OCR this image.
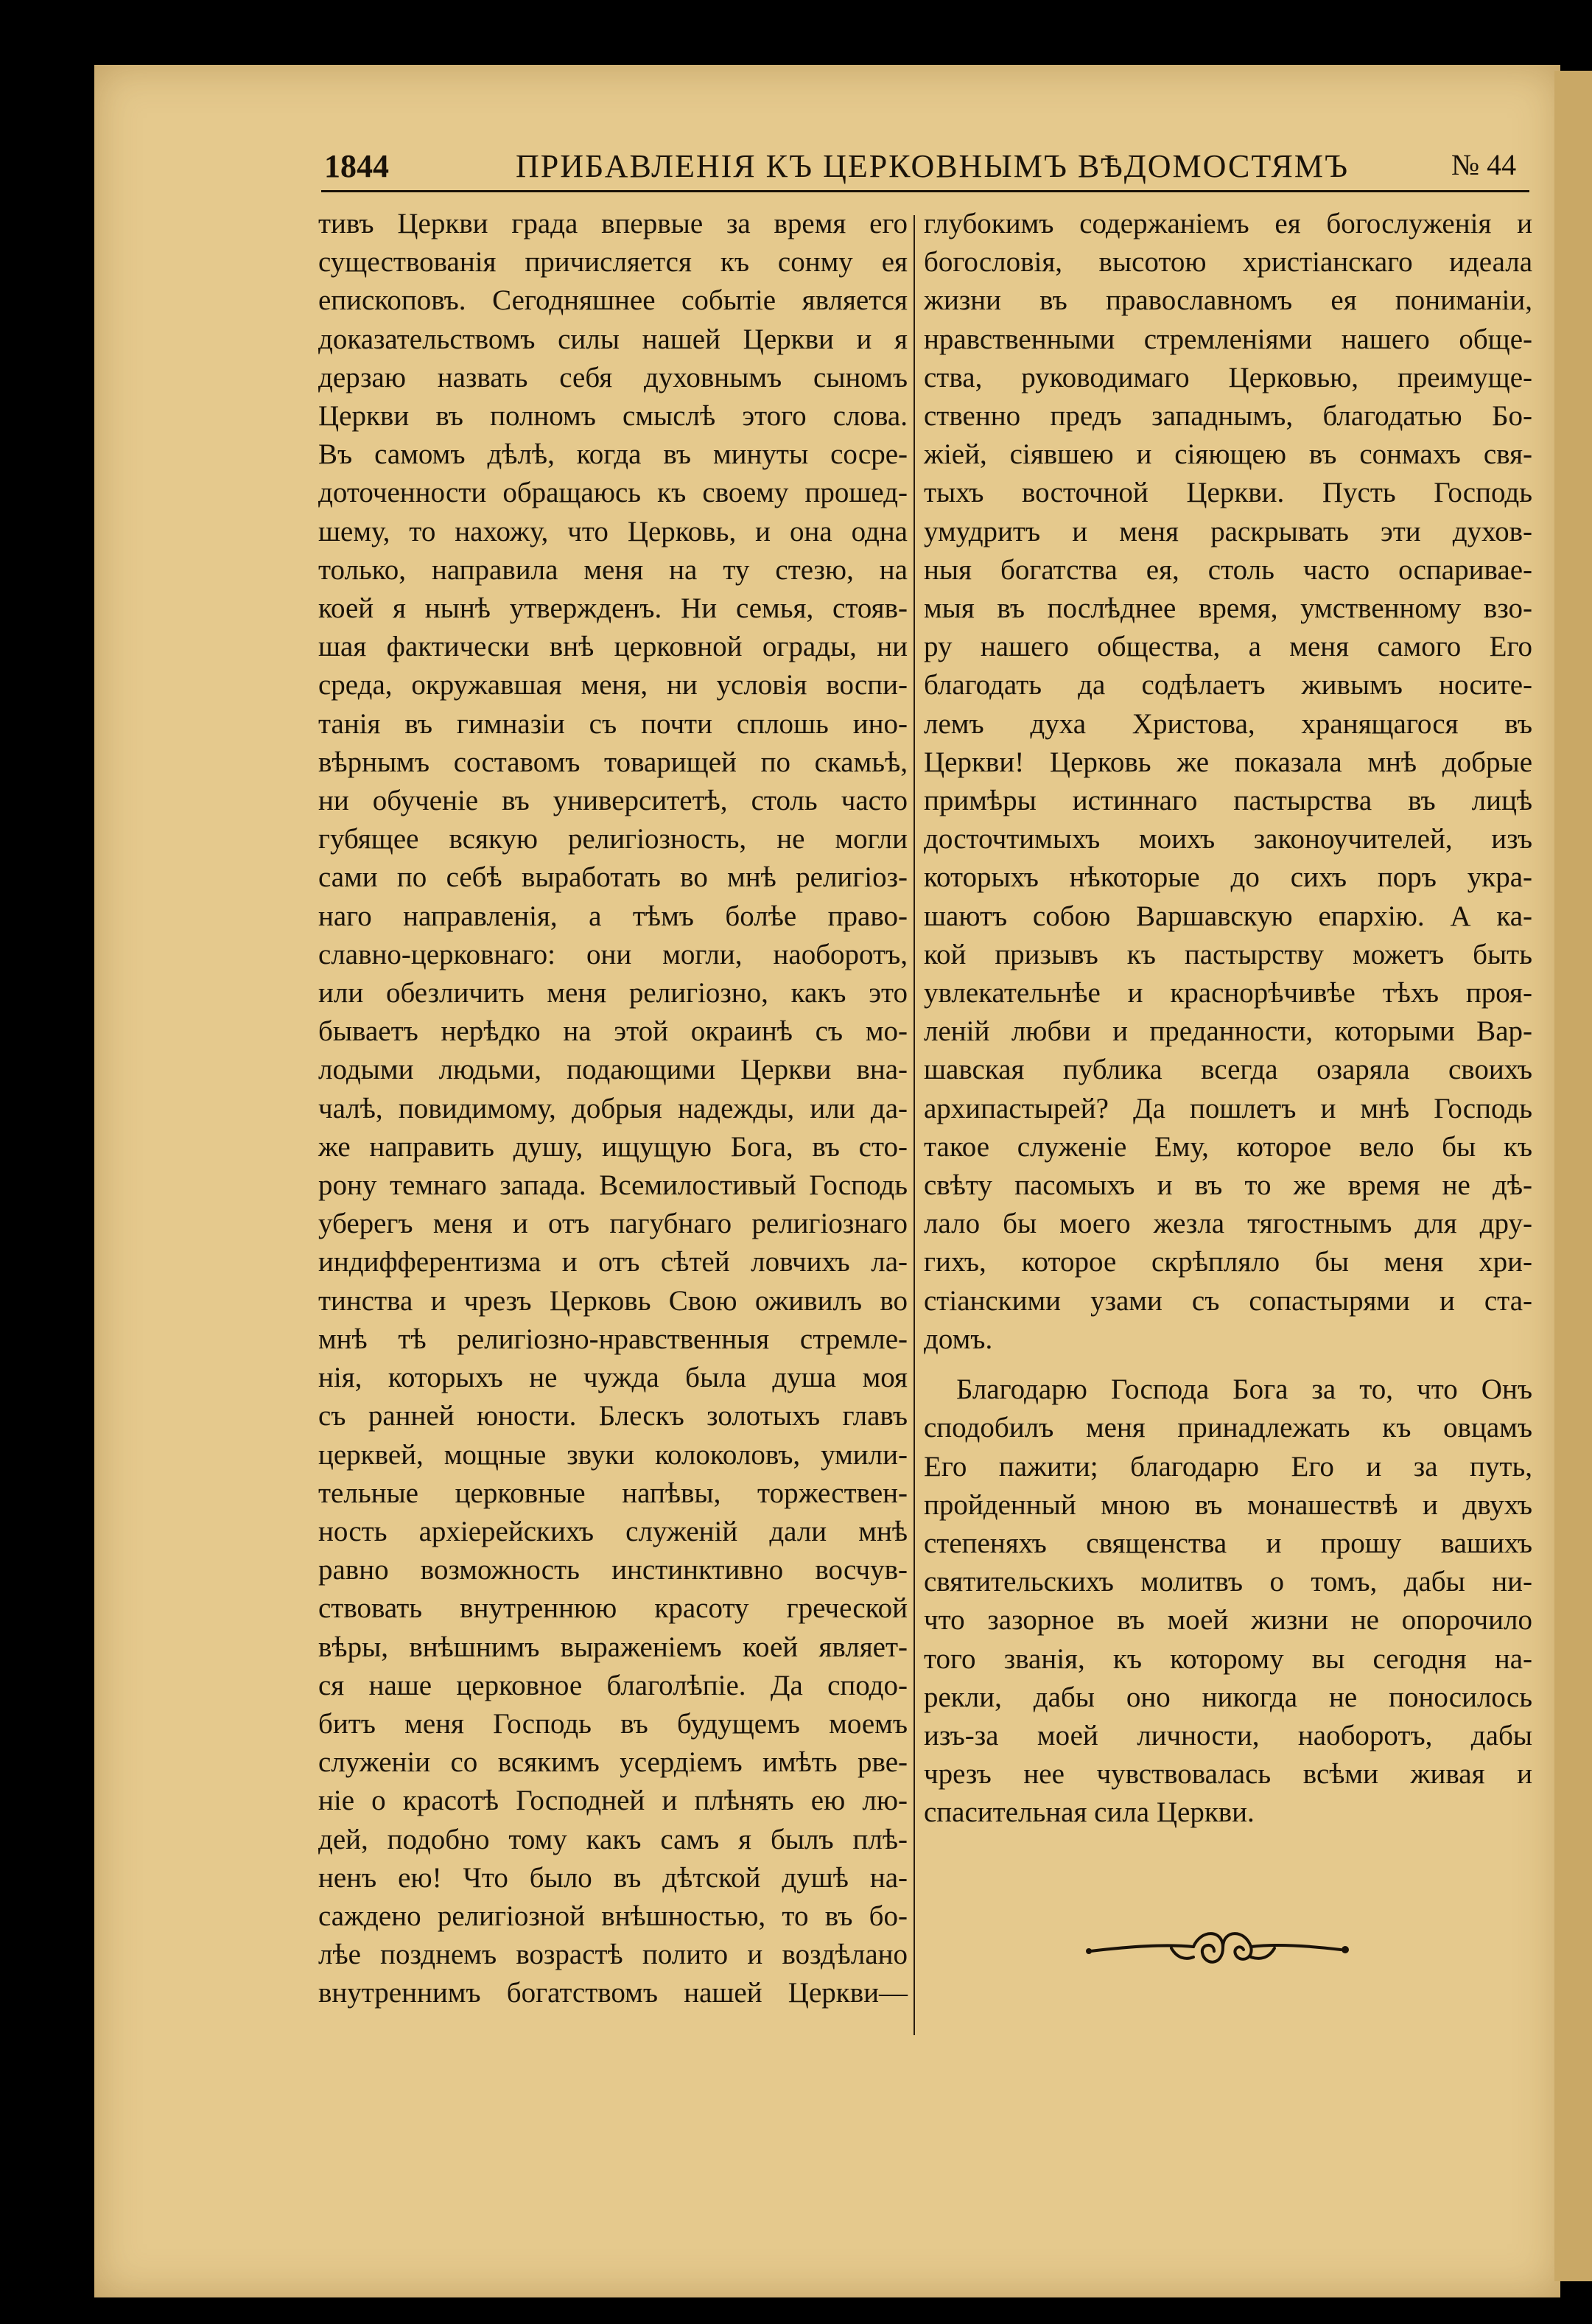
1844	ПРИБАВЛЕНІЯ КЪ ЦЕРКОВНЫМЪ ВѢДОМОСТЯМЪ	№ 44
тивъ Церкви града впервые за время его
существованія причисляется къ сонму ея
епископовъ. Сегодняшнее событіе является
доказательствомъ силы нашей Церкви и я
дерзаю назвать себя духовнымъ сыномъ
Церкви въ полномъ смыслѣ этого слова.
Въ самомъ дѣлѣ, когда въ минуты сосре-
доточенности обращаюсь къ своему прошед-
шему, то нахожу, что Церковь, и она одна
только, направила меня на ту стезю, на
коей я нынѣ утвержденъ. Ни семья, стояв-
шая фактически внѣ церковной ограды, ни
среда, окружавшая меня, ни условія воспи-
танія въ гимназіи съ почти сплошь ино-
вѣрнымъ составомъ товарищей по скамьѣ,
ни обученіе въ университетѣ, столь часто
губящее всякую религіозность, не могли
сами по себѣ выработать во мнѣ религіоз-
наго направленія, а тѣмъ болѣе право-
славно-церковнаго: они могли, наоборотъ,
или обезличить меня религіозно, какъ это
бываетъ нерѣдко на этой окраинѣ съ мо-
лодыми людьми, подающими Церкви вна-
чалѣ, повидимому, добрыя надежды, или да-
же направить душу, ищущую Бога, въ сто-
рону темнаго запада. Всемилостивый Господь
уберегъ меня и отъ пагубнаго религіознаго
индифферентизма и отъ сѣтей ловчихъ ла-
тинства и чрезъ Церковь Свою оживилъ во
мнѣ тѣ религіозно-нравственныя стремле-
нія, которыхъ не чужда была душа моя
съ ранней юности. Блескъ золотыхъ главъ
церквей, мощные звуки колоколовъ, умили-
тельные церковные напѣвы, торжествен-
ность архіерейскихъ служеній дали мнѣ
равно возможность инстинктивно восчув-
ствовать внутреннюю красоту греческой
вѣры, внѣшнимъ выраженіемъ коей являет-
ся наше церковное благолѣпіе. Да сподо-
битъ меня Господь въ будущемъ моемъ
служеніи со всякимъ усердіемъ имѣть рве-
ніе о красотѣ Господней и плѣнять ею лю-
дей, подобно тому какъ самъ я былъ плѣ-
ненъ ею! Что было въ дѣтской душѣ на-
саждено религіозной внѣшностью, то въ бо-
лѣе позднемъ возрастѣ полито и воздѣлано
внутреннимъ богатствомъ нашей Церкви—
глубокимъ содержаніемъ ея богослуженія и
богословія, высотою христіанскаго идеала
жизни въ православномъ ея пониманіи,
нравственными стремленіями нашего обще-
ства, руководимаго Церковью, преимуще-
ственно предъ западнымъ, благодатью Бо-
жіей, сіявшею и сіяющею въ сонмахъ свя-
тыхъ восточной Церкви. Пусть Господь
умудритъ и меня раскрывать эти духов-
ныя богатства ея, столь часто оспаривае-
мыя въ послѣднее время, умственному взо-
ру нашего общества, а меня самого Его
благодать да содѣлаетъ живымъ носите-
лемъ духа Христова, хранящагося въ
Церкви! Церковь же показала мнѣ добрые
примѣры истиннаго пастырства въ лицѣ
досточтимыхъ моихъ законоучителей, изъ
которыхъ нѣкоторые до сихъ поръ укра-
шаютъ собою Варшавскую епархію. А ка-
кой призывъ къ пастырству можетъ быть
увлекательнѣе и краснорѣчивѣе тѣхъ проя-
леній любви и преданности, которыми Вар-
шавская публика всегда озаряла своихъ
архипастырей? Да пошлетъ и мнѣ Господь
такое служеніе Ему, которое вело бы къ
свѣту пасомыхъ и въ то же время не дѣ-
лало бы моего жезла тягостнымъ для дру-
гихъ, которое скрѣпляло бы меня хри-
стіанскими узами съ сопастырями и ста-
домъ.
Благодарю Господа Бога за то, что Онъ
сподобилъ меня принадлежать къ овцамъ
Его пажити; благодарю Его и за путь,
пройденный мною въ монашествѣ и двухъ
степеняхъ священства и прошу вашихъ
святительскихъ молитвъ о томъ, дабы ни-
что зазорное въ моей жизни не опорочило
того званія, къ которому вы сегодня на-
рекли, дабы оно никогда не поносилось
изъ-за моей личности, наоборотъ, дабы
чрезъ нее чувствовалась всѣми живая и
спасительная сила Церкви.
